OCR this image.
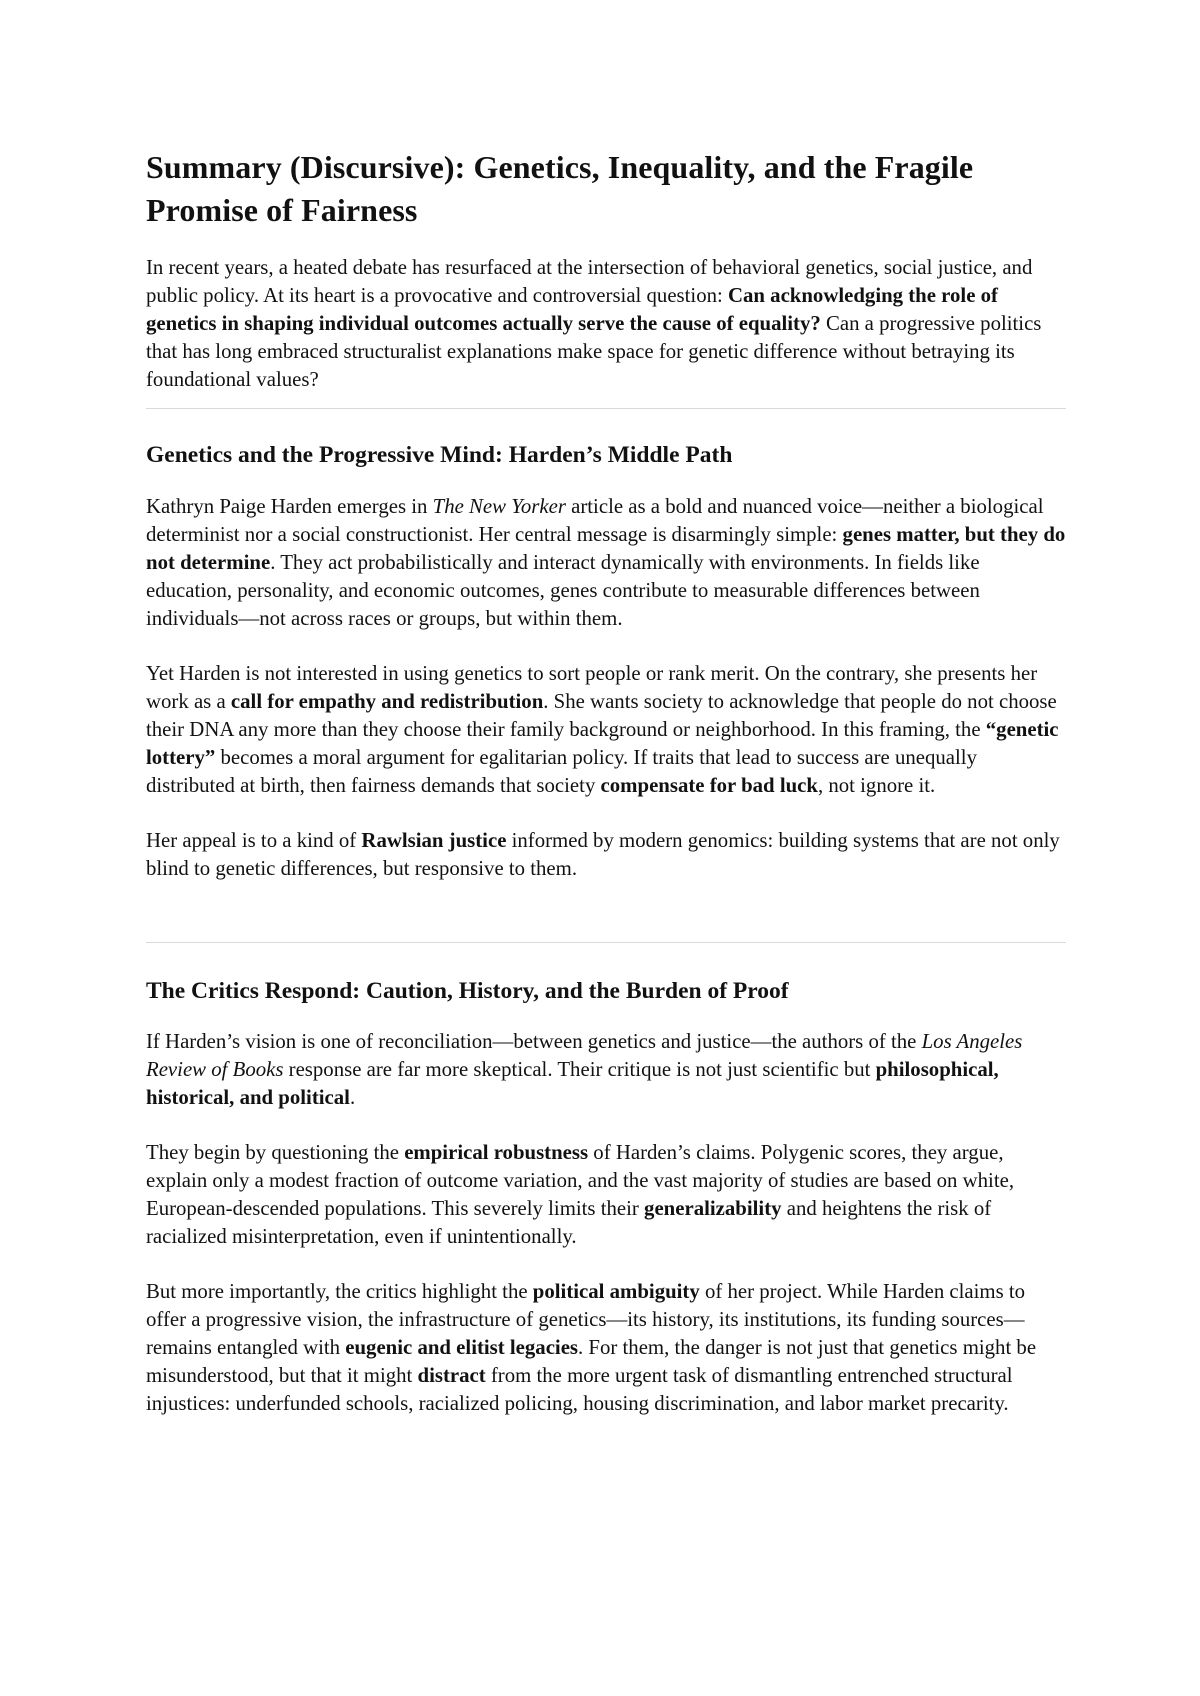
Summary (Discursive): Genetics, Inequality, and the Fragile Promise of Fairness

In recent years, a heated debate has resurfaced at the intersection of behavioral genetics, social justice, and public policy. At its heart is a provocative and controversial question: Can acknowledging the role of genetics in shaping individual outcomes actually serve the cause of equality? Can a progressive politics that has long embraced structuralist explanations make space for genetic difference without betraying its foundational values?

Genetics and the Progressive Mind: Harden’s Middle Path

Kathryn Paige Harden emerges in The New Yorker article as a bold and nuanced voice—neither a biological determinist nor a social constructionist. Her central message is disarmingly simple: genes matter, but they do not determine. They act probabilistically and interact dynamically with environments. In fields like education, personality, and economic outcomes, genes contribute to measurable differences between individuals—not across races or groups, but within them.

Yet Harden is not interested in using genetics to sort people or rank merit. On the contrary, she presents her work as a call for empathy and redistribution. She wants society to acknowledge that people do not choose their DNA any more than they choose their family background or neighborhood. In this framing, the “genetic lottery” becomes a moral argument for egalitarian policy. If traits that lead to success are unequally distributed at birth, then fairness demands that society compensate for bad luck, not ignore it.

Her appeal is to a kind of Rawlsian justice informed by modern genomics: building systems that are not only blind to genetic differences, but responsive to them.

The Critics Respond: Caution, History, and the Burden of Proof

If Harden’s vision is one of reconciliation—between genetics and justice—the authors of the Los Angeles Review of Books response are far more skeptical. Their critique is not just scientific but philosophical, historical, and political.

They begin by questioning the empirical robustness of Harden’s claims. Polygenic scores, they argue, explain only a modest fraction of outcome variation, and the vast majority of studies are based on white, European-descended populations. This severely limits their generalizability and heightens the risk of racialized misinterpretation, even if unintentionally.

But more importantly, the critics highlight the political ambiguity of her project. While Harden claims to offer a progressive vision, the infrastructure of genetics—its history, its institutions, its funding sources—remains entangled with eugenic and elitist legacies. For them, the danger is not just that genetics might be misunderstood, but that it might distract from the more urgent task of dismantling entrenched structural injustices: underfunded schools, racialized policing, housing discrimination, and labor market precarity.
